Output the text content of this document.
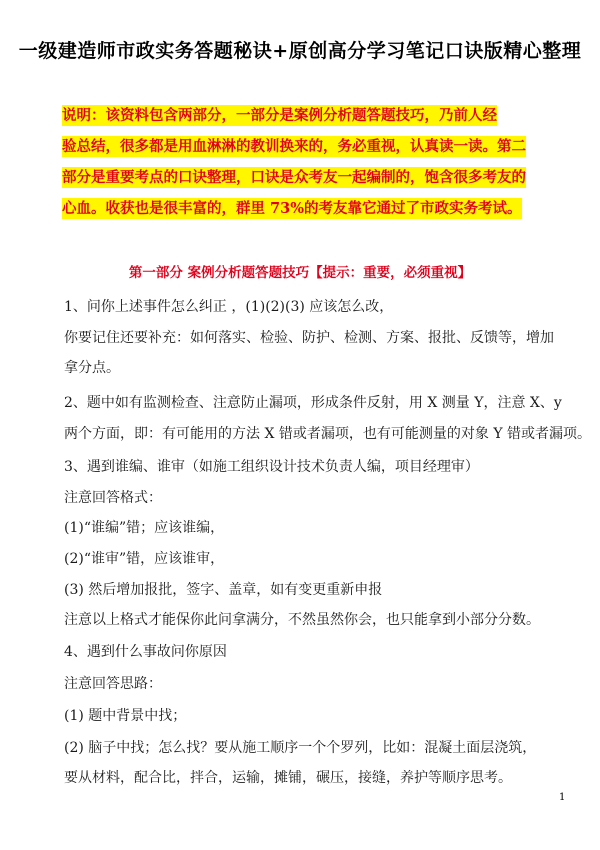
一级建造师市政实务答题秘诀+原创高分学习笔记口诀版精心整理
说明：该资料包含两部分，一部分是案例分析题答题技巧，乃前人经
验总结，很多都是用血淋淋的教训换来的，务必重视，认真读一读。第二
部分是重要考点的口诀整理，口诀是众考友一起编制的，饱含很多考友的
心血。收获也是很丰富的，群里 73%的考友靠它通过了市政实务考试。
第一部分 案例分析题答题技巧【提示：重要，必须重视】
1、问你上述事件怎么纠正 ，(1)(2)(3) 应该怎么改，
你要记住还要补充：如何落实、检验、防护、检测、方案、报批、反馈等，增加
拿分点。
2、题中如有监测检查、注意防止漏项，形成条件反射，用 X 测量 Y，注意 X、y
两个方面，即：有可能用的方法 X 错或者漏项，也有可能测量的对象 Y 错或者漏项。
3、遇到谁编、谁审（如施工组织设计技术负责人编，项目经理审）
注意回答格式：
(1)“谁编”错；应该谁编，
(2)“谁审”错，应该谁审，
(3) 然后增加报批，签字、盖章，如有变更重新申报
注意以上格式才能保你此问拿满分，不然虽然你会，也只能拿到小部分分数。
4、遇到什么事故问你原因
注意回答思路：
(1) 题中背景中找；
(2) 脑子中找；怎么找？要从施工顺序一个个罗列，比如：混凝土面层浇筑，
要从材料，配合比，拌合，运输，摊铺，碾压，接缝，养护等顺序思考。
1
